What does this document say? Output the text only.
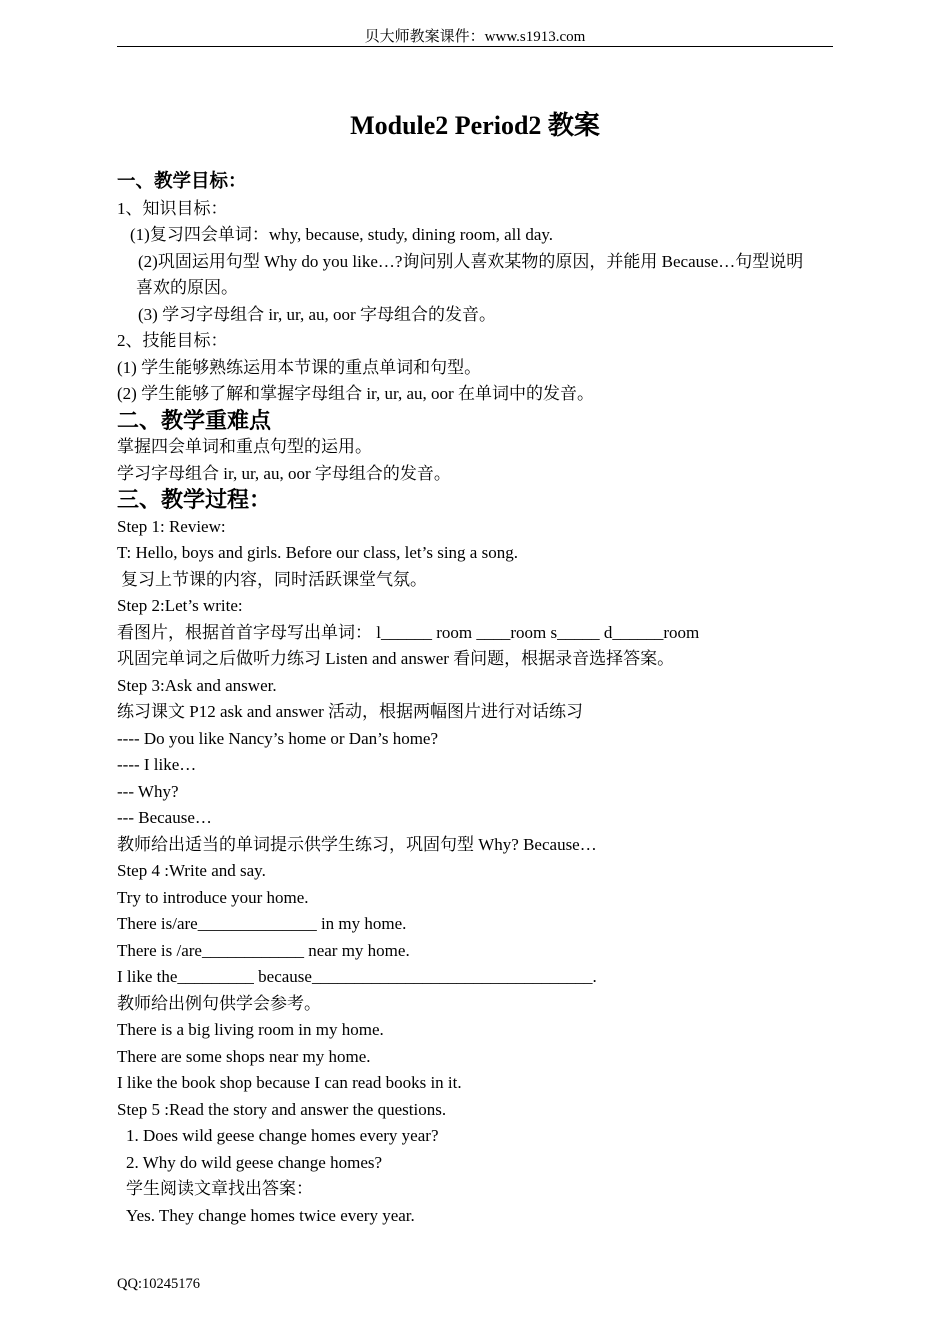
贝大师教案课件：www.s1913.com
Module2 Period2 教案
一、教学目标：
1、知识目标：
(1)复习四会单词：why, because, study, dining room, all day.
(2)巩固运用句型 Why do you like…?询问别人喜欢某物的原因，并能用 Because…句型说明
喜欢的原因。
(3) 学习字母组合 ir, ur, au, oor 字母组合的发音。
2、技能目标：
(1) 学生能够熟练运用本节课的重点单词和句型。
(2) 学生能够了解和掌握字母组合 ir, ur, au, oor 在单词中的发音。
二、教学重难点
掌握四会单词和重点句型的运用。
学习字母组合 ir, ur, au, oor 字母组合的发音。
三、教学过程：
Step 1: Review:
T: Hello, boys and girls. Before our class, let’s sing a song.
复习上节课的内容，同时活跃课堂气氛。
Step 2:Let’s write:
看图片，根据首首字母写出单词： l______ room ____room s_____ d______room
巩固完单词之后做听力练习 Listen and answer 看问题，根据录音选择答案。
Step 3:Ask and answer.
练习课文 P12 ask and answer 活动，根据两幅图片进行对话练习
---- Do you like Nancy’s home or Dan’s home?
---- I like…
--- Why?
--- Because…
教师给出适当的单词提示供学生练习，巩固句型 Why? Because…
Step 4 :Write and say.
Try to introduce your home.
There is/are______________ in my home.
There is /are____________ near my home.
I like the_________ because_________________________________.
教师给出例句供学会参考。
There is a big living room in my home.
There are some shops near my home.
I like the book shop because I can read books in it.
Step 5 :Read the story and answer the questions.
1. Does wild geese change homes every year?
2. Why do wild geese change homes?
学生阅读文章找出答案：
Yes. They change homes twice every year.
QQ:10245176
